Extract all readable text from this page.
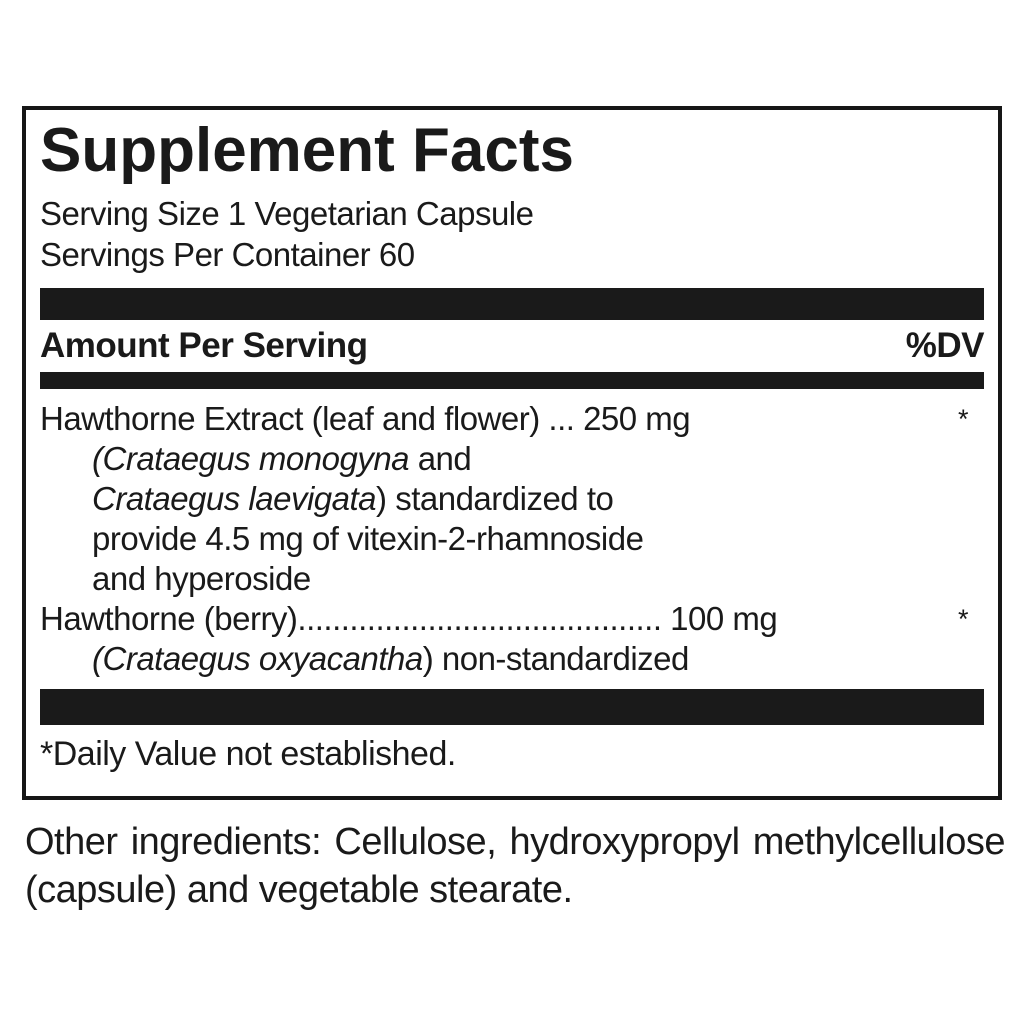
Supplement Facts
Serving Size 1 Vegetarian Capsule
Servings Per Container 60
Amount Per Serving	%DV
Hawthorne Extract (leaf and flower) ... 250 mg	*
(Crataegus monogyna and
Crataegus laevigata) standardized to
provide 4.5 mg of vitexin-2-rhamnoside
and hyperoside
Hawthorne (berry).......................................... 100 mg	*
(Crataegus oxyacantha) non-standardized
*Daily Value not established.
Other ingredients: Cellulose, hydroxypropyl methylcellulose (capsule) and vegetable stearate.
